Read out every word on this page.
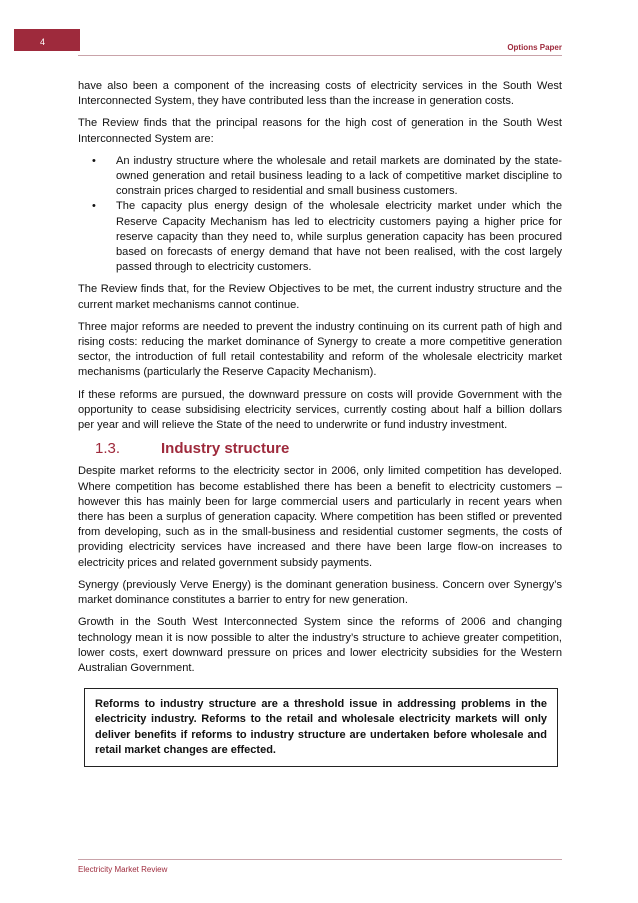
4
Options Paper

have also been a component of the increasing costs of electricity services in the South West Interconnected System, they have contributed less than the increase in generation costs.

The Review finds that the principal reasons for the high cost of generation in the South West Interconnected System are:

• An industry structure where the wholesale and retail markets are dominated by the state-owned generation and retail business leading to a lack of competitive market discipline to constrain prices charged to residential and small business customers.
• The capacity plus energy design of the wholesale electricity market under which the Reserve Capacity Mechanism has led to electricity customers paying a higher price for reserve capacity than they need to, while surplus generation capacity has been procured based on forecasts of energy demand that have not been realised, with the cost largely passed through to electricity customers.

The Review finds that, for the Review Objectives to be met, the current industry structure and the current market mechanisms cannot continue.

Three major reforms are needed to prevent the industry continuing on its current path of high and rising costs: reducing the market dominance of Synergy to create a more competitive generation sector, the introduction of full retail contestability and reform of the wholesale electricity market mechanisms (particularly the Reserve Capacity Mechanism).

If these reforms are pursued, the downward pressure on costs will provide Government with the opportunity to cease subsidising electricity services, currently costing about half a billion dollars per year and will relieve the State of the need to underwrite or fund industry investment.

1.3.	Industry structure

Despite market reforms to the electricity sector in 2006, only limited competition has developed. Where competition has become established there has been a benefit to electricity customers – however this has mainly been for large commercial users and particularly in recent years when there has been a surplus of generation capacity. Where competition has been stifled or prevented from developing, such as in the small-business and residential customer segments, the costs of providing electricity services have increased and there have been large flow-on increases to electricity prices and related government subsidy payments.

Synergy (previously Verve Energy) is the dominant generation business. Concern over Synergy’s market dominance constitutes a barrier to entry for new generation.

Growth in the South West Interconnected System since the reforms of 2006 and changing technology mean it is now possible to alter the industry’s structure to achieve greater competition, lower costs, exert downward pressure on prices and lower electricity subsidies for the Western Australian Government.

Reforms to industry structure are a threshold issue in addressing problems in the electricity industry. Reforms to the retail and wholesale electricity markets will only deliver benefits if reforms to industry structure are undertaken before wholesale and retail market changes are effected.
Electricity Market Review
